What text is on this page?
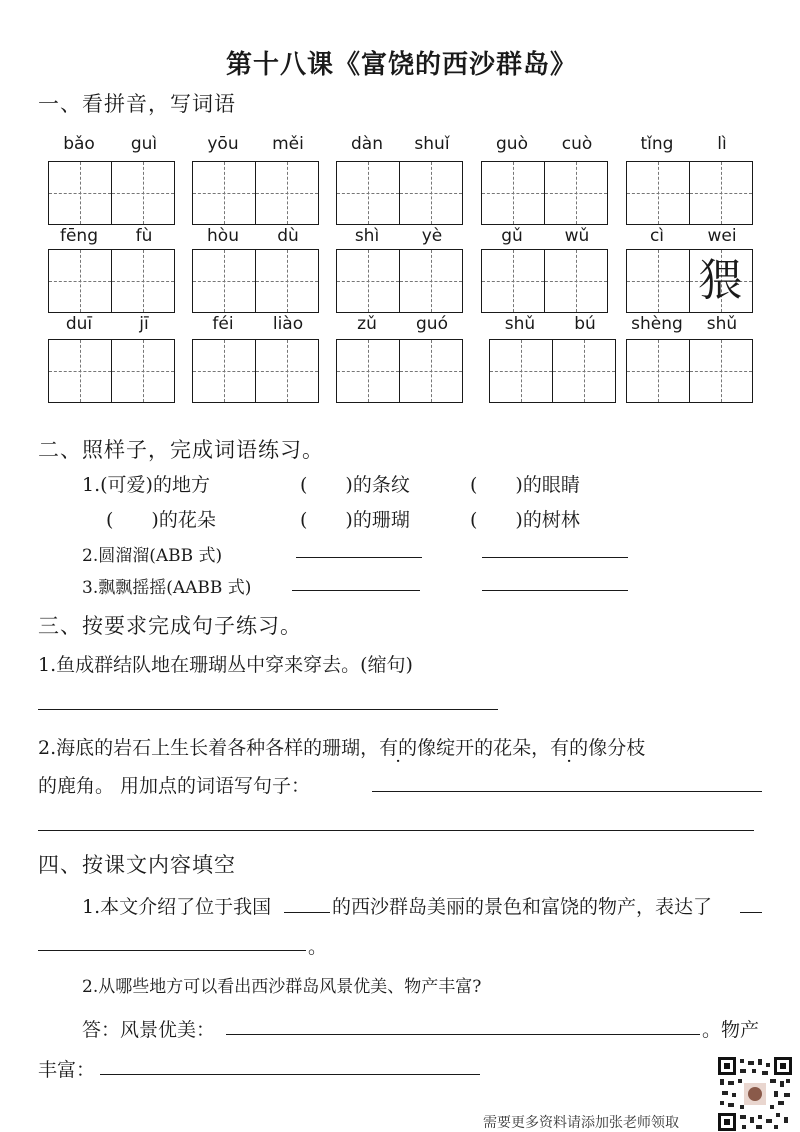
第十八课《富饶的西沙群岛》
一、看拼音，写词语
bǎo	guì	yōu	měi	dàn	shuǐ	guò	cuò	tǐng	lì
fēng	fù	hòu	dù	shì	yè	gǔ	wǔ	cì	wei
猥
duī	jī	féi	liào	zǔ	guó	shǔ	bú	shèng	shǔ
二、照样子，完成词语练习。
1.(可爱)的地方	(　　)的条纹	(　　)的眼睛
(　　)的花朵	(　　)的珊瑚	(　　)的树林
2.圆溜溜(ABB 式)
3.飘飘摇摇(AABB 式)
三、按要求完成句子练习。
1.鱼成群结队地在珊瑚丛中穿来穿去。(缩句)
2.海底的岩石上生长着各种各样的珊瑚，有的像绽开的花朵，有的像分枝
的鹿角。 用加点的词语写句子：
四、按课文内容填空
1.本文介绍了位于我国	的西沙群岛美丽的景色和富饶的物产，表达了
。
2.从哪些地方可以看出西沙群岛风景优美、物产丰富?
答：风景优美：	。物产
丰富：
需要更多资料请添加张老师领取
